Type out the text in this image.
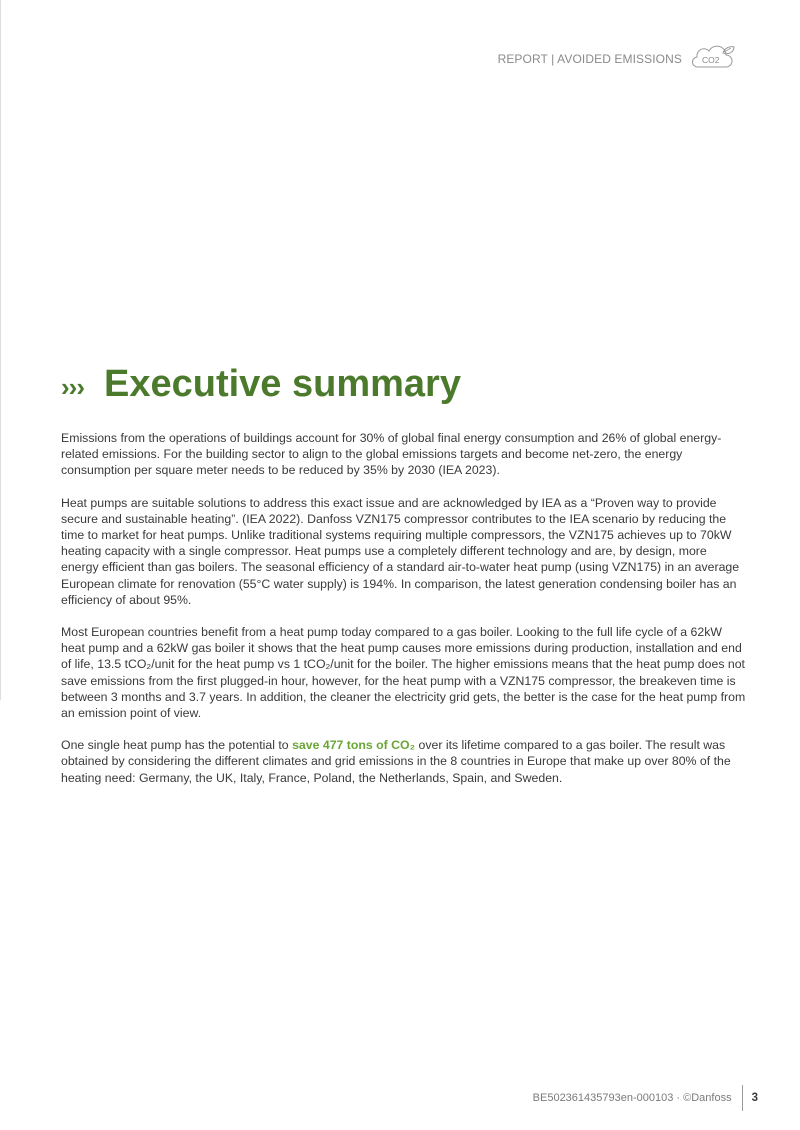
REPORT | AVOIDED EMISSIONS CO2
››› Executive summary

Emissions from the operations of buildings account for 30% of global final energy consumption and 26% of global energy-related emissions. For the building sector to align to the global emissions targets and become net-zero, the energy consumption per square meter needs to be reduced by 35% by 2030 (IEA 2023).

Heat pumps are suitable solutions to address this exact issue and are acknowledged by IEA as a “Proven way to provide secure and sustainable heating”. (IEA 2022). Danfoss VZN175 compressor contributes to the IEA scenario by reducing the time to market for heat pumps. Unlike traditional systems requiring multiple compressors, the VZN175 achieves up to 70kW heating capacity with a single compressor. Heat pumps use a completely different technology and are, by design, more energy efficient than gas boilers. The seasonal efficiency of a standard air-to-water heat pump (using VZN175) in an average European climate for renovation (55°C water supply) is 194%. In comparison, the latest generation condensing boiler has an efficiency of about 95%.

Most European countries benefit from a heat pump today compared to a gas boiler. Looking to the full life cycle of a 62kW heat pump and a 62kW gas boiler it shows that the heat pump causes more emissions during production, installation and end of life, 13.5 tCO₂/unit for the heat pump vs 1 tCO₂/unit for the boiler. The higher emissions means that the heat pump does not save emissions from the first plugged-in hour, however, for the heat pump with a VZN175 compressor, the breakeven time is between 3 months and 3.7 years. In addition, the cleaner the electricity grid gets, the better is the case for the heat pump from an emission point of view.

One single heat pump has the potential to save 477 tons of CO₂ over its lifetime compared to a gas boiler. The result was obtained by considering the different climates and grid emissions in the 8 countries in Europe that make up over 80% of the heating need: Germany, the UK, Italy, France, Poland, the Netherlands, Spain, and Sweden.

BE502361435793en-000103 · ©Danfoss 3
